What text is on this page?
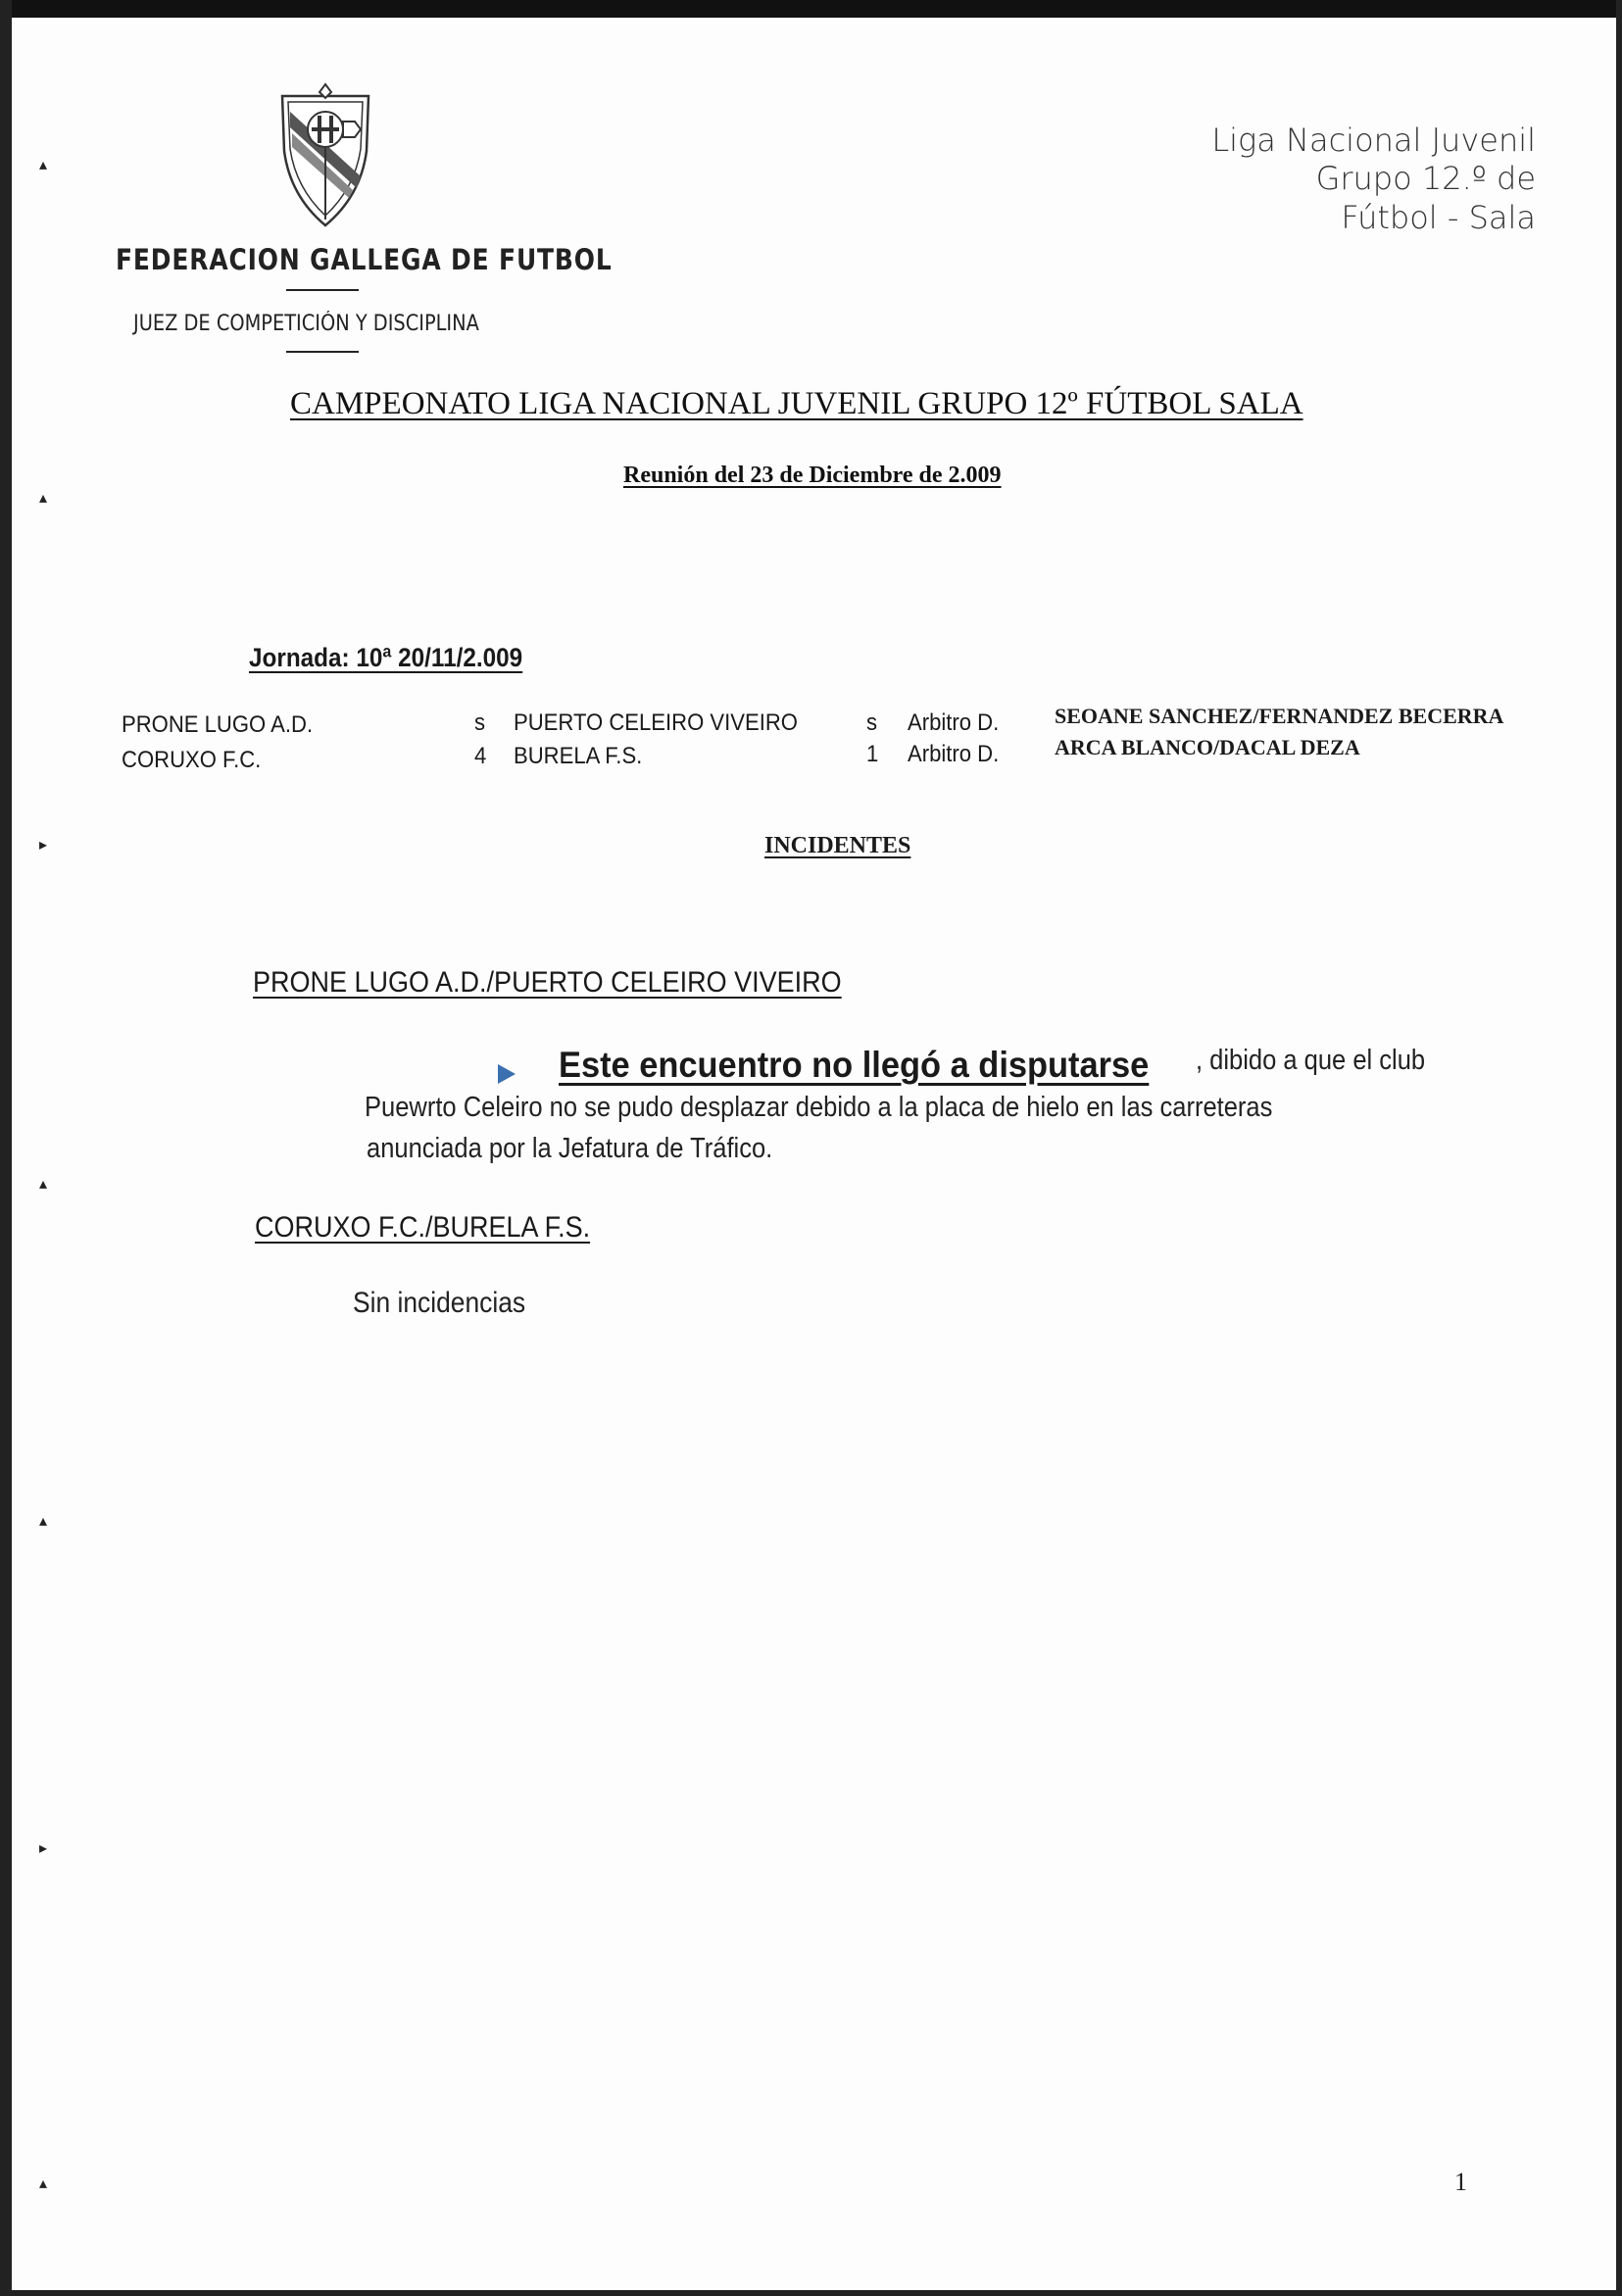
▴
▴
▸
▴
▴
▸
▴
FEDERACION GALLEGA DE FUTBOL
JUEZ DE COMPETICIÓN Y DISCIPLINA
Liga Nacional Juvenil
Grupo 12.º de
Fútbol - Sala
CAMPEONATO LIGA NACIONAL JUVENIL GRUPO 12º FÚTBOL SALA
Reunión del 23 de Diciembre de 2.009
Jornada: 10ª 20/11/2.009
PRONE LUGO A.D.	s PUERTO CELEIRO VIVEIRO	s Arbitro D.	SEOANE SANCHEZ/FERNANDEZ BECERRA
CORUXO F.C.	4 BURELA F.S.	1 Arbitro D.	ARCA BLANCO/DACAL DEZA
INCIDENTES
PRONE LUGO A.D./PUERTO CELEIRO VIVEIRO
Este encuentro no llegó a disputarse , dibido a que el club
Puewrto Celeiro no se pudo desplazar debido a la placa de hielo en las carreteras
anunciada por la Jefatura de Tráfico.
CORUXO F.C./BURELA F.S.
Sin incidencias
1
